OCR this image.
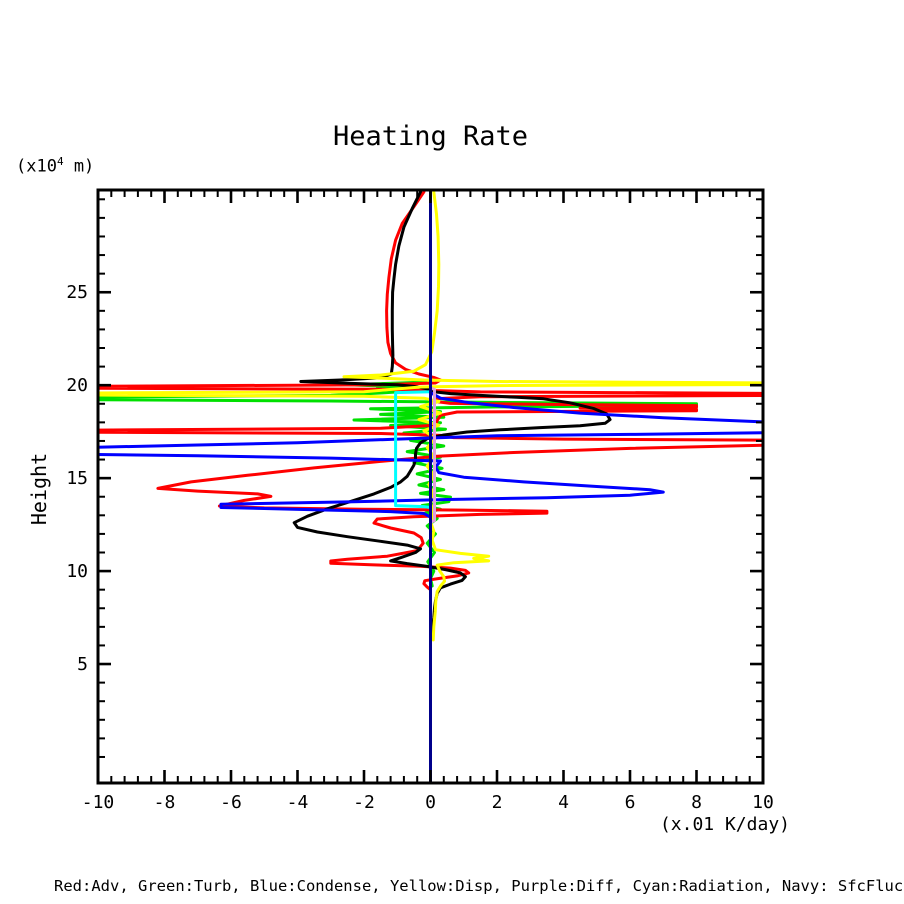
Heating Rate
($x10^4$ m)
Height
(x.01 K/day)
Red:Adv, Green:Turb, Blue:Condense, Yellow:Disp, Purple:Diff, Cyan:Radiation, Navy: SfcFluc
-10 -8 -6 -4 -2	0	2	4	6	8	10
5
10
15
20
25
